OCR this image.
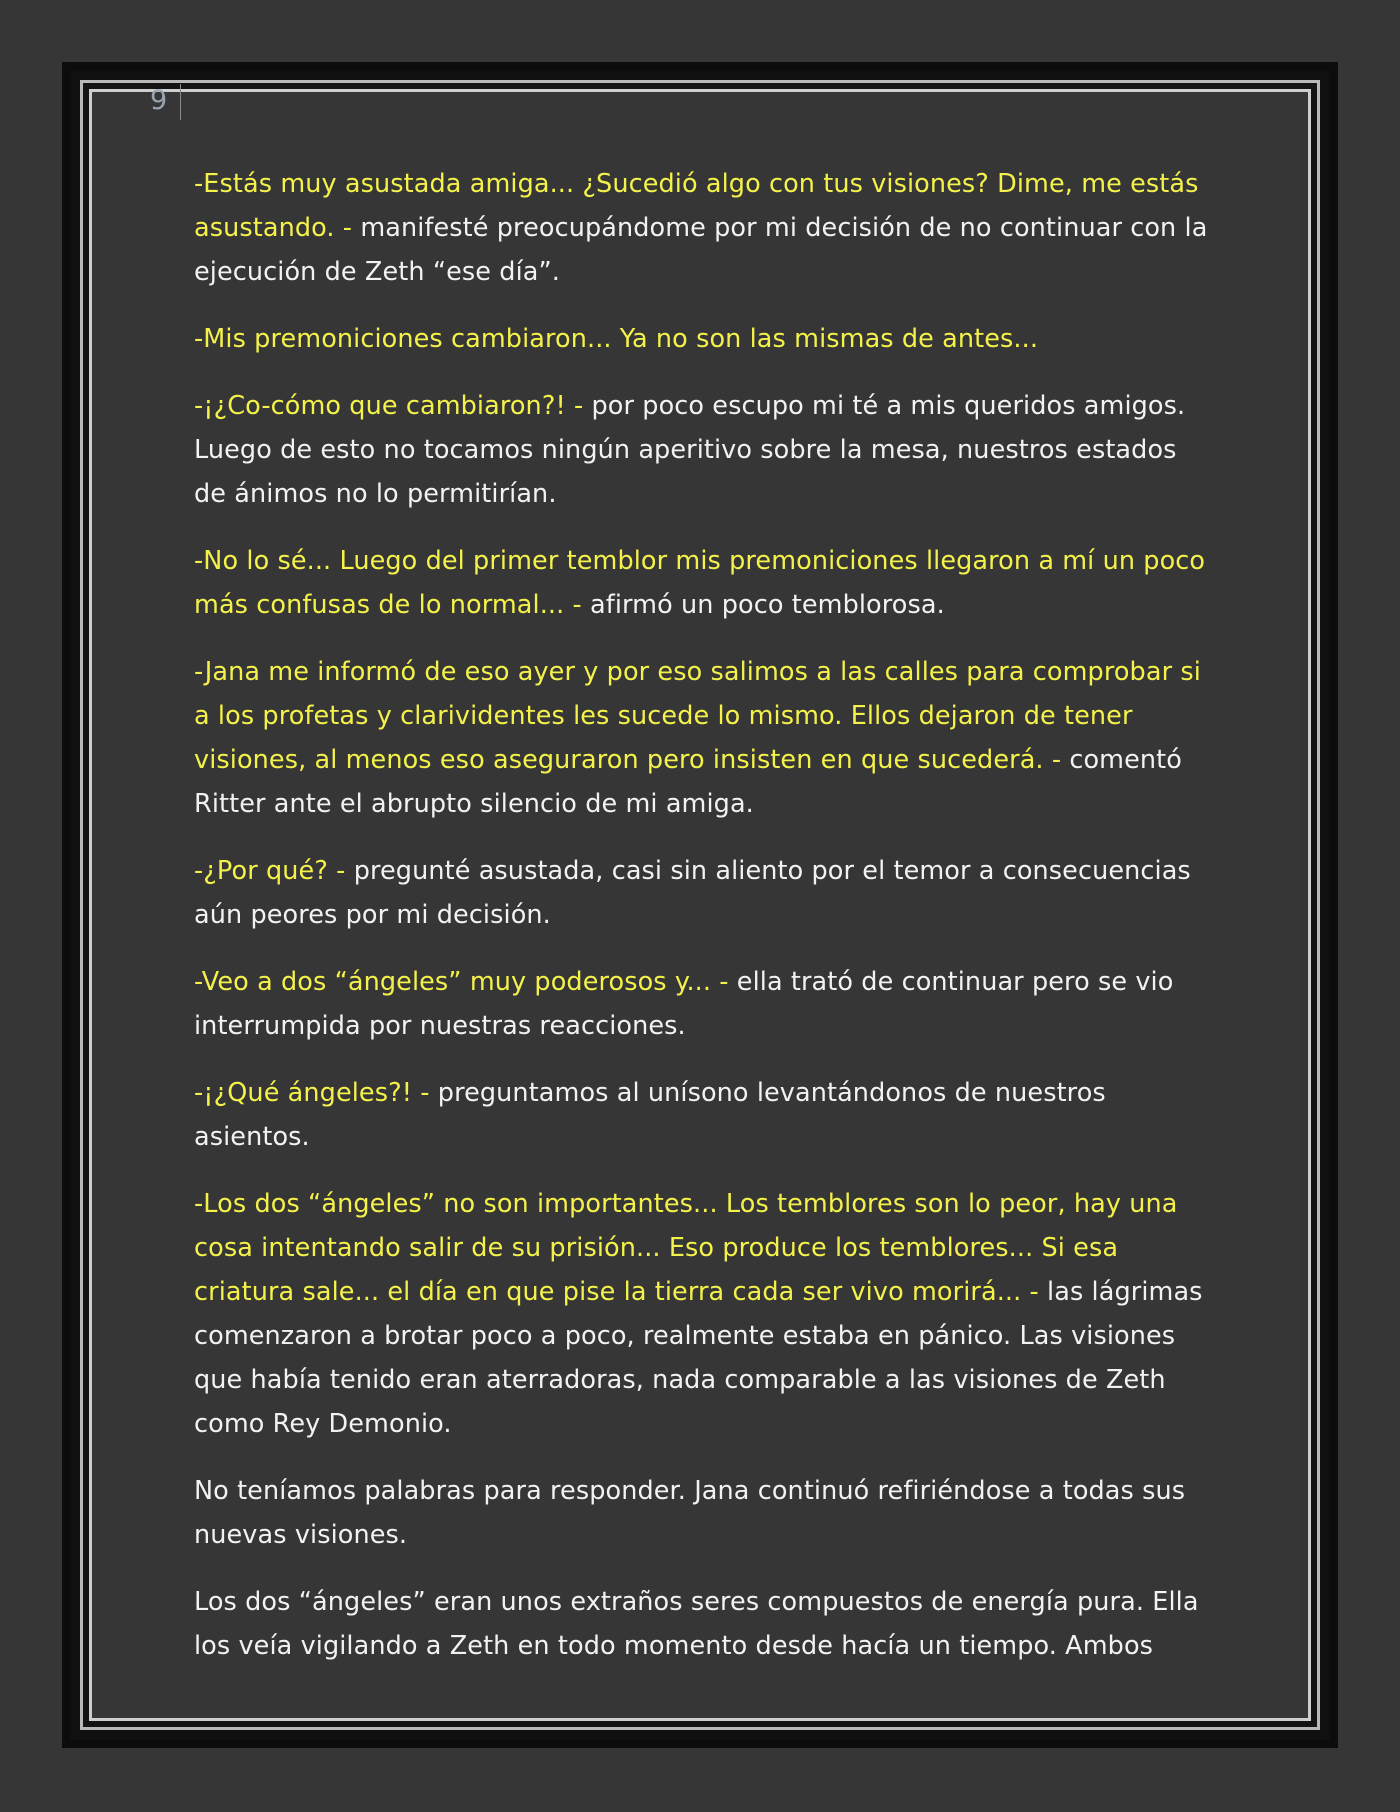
9

-Estás muy asustada amiga... ¿Sucedió algo con tus visiones? Dime, me estás asustando. - manifesté preocupándome por mi decisión de no continuar con la ejecución de Zeth “ese día”.

-Mis premoniciones cambiaron... Ya no son las mismas de antes...

-¡¿Co-cómo que cambiaron?! - por poco escupo mi té a mis queridos amigos. Luego de esto no tocamos ningún aperitivo sobre la mesa, nuestros estados de ánimos no lo permitirían.

-No lo sé... Luego del primer temblor mis premoniciones llegaron a mí un poco más confusas de lo normal... - afirmó un poco temblorosa.

-Jana me informó de eso ayer y por eso salimos a las calles para comprobar si a los profetas y clarividentes les sucede lo mismo. Ellos dejaron de tener visiones, al menos eso aseguraron pero insisten en que sucederá. - comentó Ritter ante el abrupto silencio de mi amiga.

-¿Por qué? - pregunté asustada, casi sin aliento por el temor a consecuencias aún peores por mi decisión.

-Veo a dos “ángeles” muy poderosos y... - ella trató de continuar pero se vio interrumpida por nuestras reacciones.

-¡¿Qué ángeles?! - preguntamos al unísono levantándonos de nuestros asientos.

-Los dos “ángeles” no son importantes... Los temblores son lo peor, hay una cosa intentando salir de su prisión... Eso produce los temblores... Si esa criatura sale... el día en que pise la tierra cada ser vivo morirá... - las lágrimas comenzaron a brotar poco a poco, realmente estaba en pánico. Las visiones que había tenido eran aterradoras, nada comparable a las visiones de Zeth como Rey Demonio.

No teníamos palabras para responder. Jana continuó refiriéndose a todas sus nuevas visiones.

Los dos “ángeles” eran unos extraños seres compuestos de energía pura. Ella los veía vigilando a Zeth en todo momento desde hacía un tiempo. Ambos
